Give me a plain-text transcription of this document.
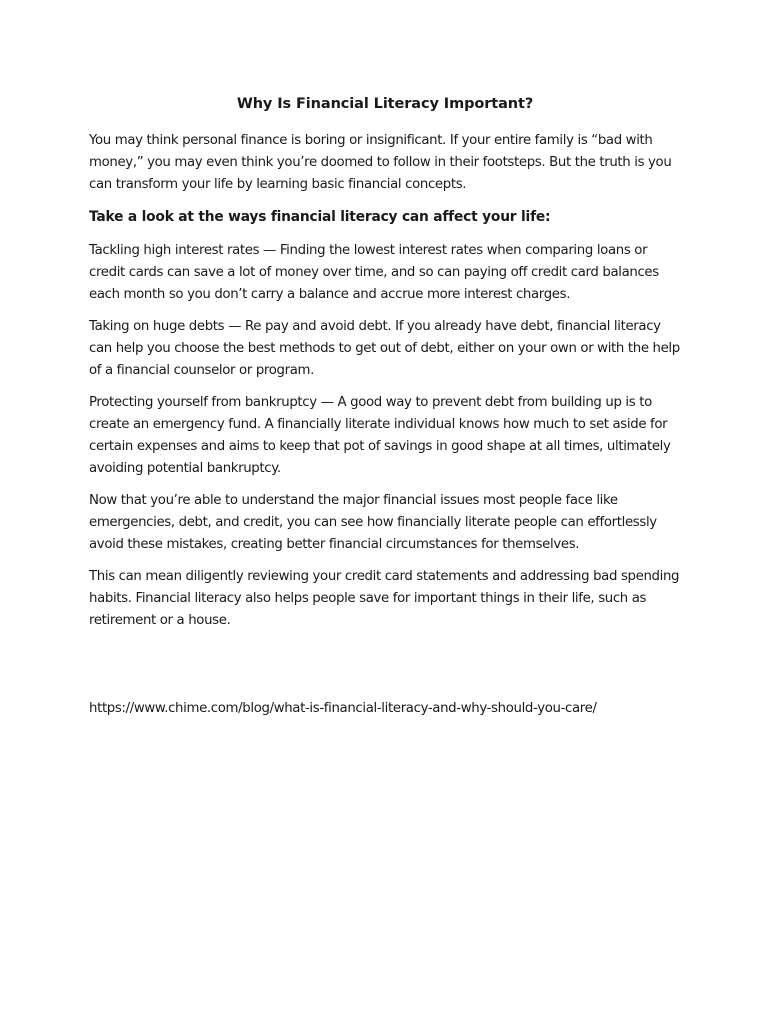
Why Is Financial Literacy Important?

You may think personal finance is boring or insignificant. If your entire family is “bad with money,” you may even think you’re doomed to follow in their footsteps. But the truth is you can transform your life by learning basic financial concepts.

Take a look at the ways financial literacy can affect your life:

Tackling high interest rates — Finding the lowest interest rates when comparing loans or credit cards can save a lot of money over time, and so can paying off credit card balances each month so you don’t carry a balance and accrue more interest charges.

Taking on huge debts — Re pay and avoid debt. If you already have debt, financial literacy can help you choose the best methods to get out of debt, either on your own or with the help of a financial counselor or program.

Protecting yourself from bankruptcy — A good way to prevent debt from building up is to create an emergency fund. A financially literate individual knows how much to set aside for certain expenses and aims to keep that pot of savings in good shape at all times, ultimately avoiding potential bankruptcy.

Now that you’re able to understand the major financial issues most people face like emergencies, debt, and credit, you can see how financially literate people can effortlessly avoid these mistakes, creating better financial circumstances for themselves.

This can mean diligently reviewing your credit card statements and addressing bad spending habits. Financial literacy also helps people save for important things in their life, such as retirement or a house.

https://www.chime.com/blog/what-is-financial-literacy-and-why-should-you-care/
